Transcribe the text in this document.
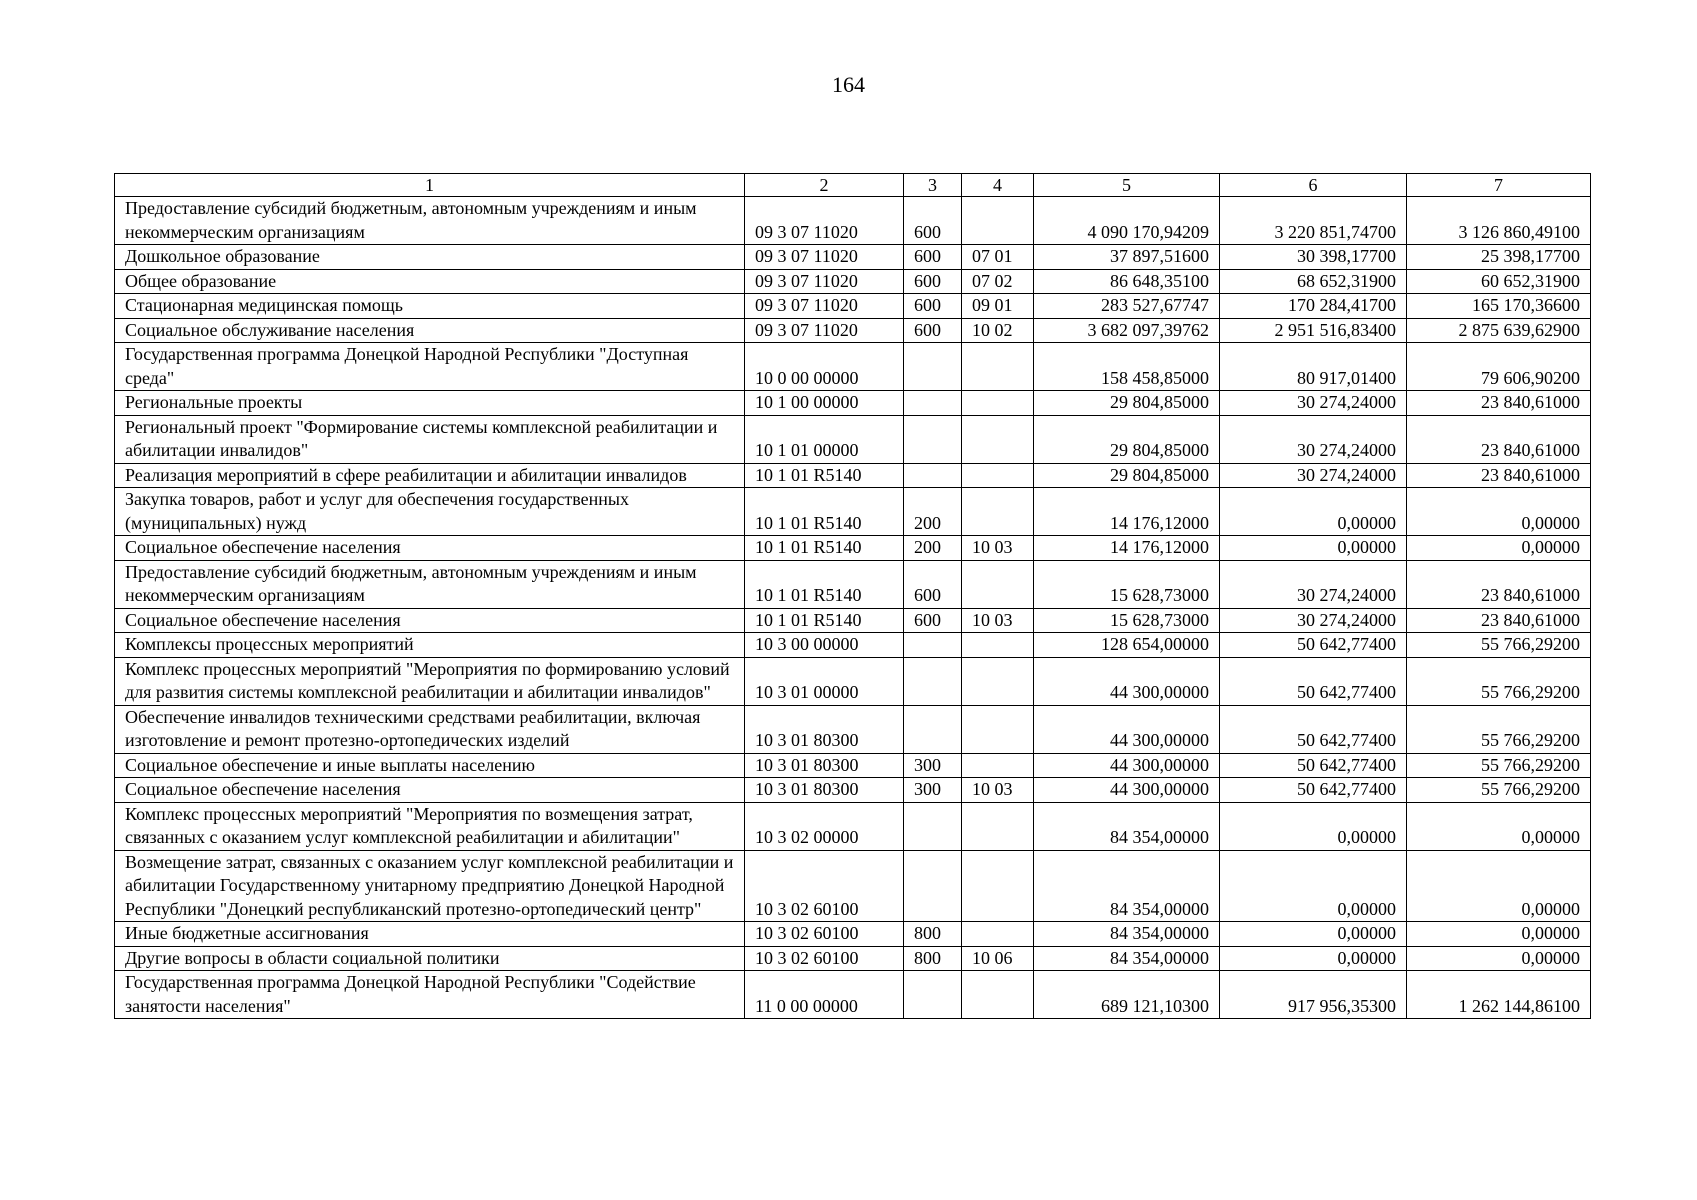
164
1	2	3	4	5	6	7
Предоставление субсидий бюджетным, автономным учреждениям и иным некоммерческим организациям	09 3 07 11020	600		4 090 170,94209	3 220 851,74700	3 126 860,49100
Дошкольное образование	09 3 07 11020	600	07 01	37 897,51600	30 398,17700	25 398,17700
Общее образование	09 3 07 11020	600	07 02	86 648,35100	68 652,31900	60 652,31900
Стационарная медицинская помощь	09 3 07 11020	600	09 01	283 527,67747	170 284,41700	165 170,36600
Социальное обслуживание населения	09 3 07 11020	600	10 02	3 682 097,39762	2 951 516,83400	2 875 639,62900
Государственная программа Донецкой Народной Республики "Доступная среда"	10 0 00 00000			158 458,85000	80 917,01400	79 606,90200
Региональные проекты	10 1 00 00000			29 804,85000	30 274,24000	23 840,61000
Региональный проект "Формирование системы комплексной реабилитации и абилитации инвалидов"	10 1 01 00000			29 804,85000	30 274,24000	23 840,61000
Реализация мероприятий в сфере реабилитации и абилитации инвалидов	10 1 01 R5140			29 804,85000	30 274,24000	23 840,61000
Закупка товаров, работ и услуг для обеспечения государственных (муниципальных) нужд	10 1 01 R5140	200		14 176,12000	0,00000	0,00000
Социальное обеспечение населения	10 1 01 R5140	200	10 03	14 176,12000	0,00000	0,00000
Предоставление субсидий бюджетным, автономным учреждениям и иным некоммерческим организациям	10 1 01 R5140	600		15 628,73000	30 274,24000	23 840,61000
Социальное обеспечение населения	10 1 01 R5140	600	10 03	15 628,73000	30 274,24000	23 840,61000
Комплексы процессных мероприятий	10 3 00 00000			128 654,00000	50 642,77400	55 766,29200
Комплекс процессных мероприятий "Мероприятия по формированию условий для развития системы комплексной реабилитации и абилитации инвалидов"	10 3 01 00000			44 300,00000	50 642,77400	55 766,29200
Обеспечение инвалидов техническими средствами реабилитации, включая изготовление и ремонт протезно-ортопедических изделий	10 3 01 80300			44 300,00000	50 642,77400	55 766,29200
Социальное обеспечение и иные выплаты населению	10 3 01 80300	300		44 300,00000	50 642,77400	55 766,29200
Социальное обеспечение населения	10 3 01 80300	300	10 03	44 300,00000	50 642,77400	55 766,29200
Комплекс процессных мероприятий "Мероприятия по возмещения затрат, связанных с оказанием услуг комплексной реабилитации и абилитации"	10 3 02 00000			84 354,00000	0,00000	0,00000
Возмещение затрат, связанных с оказанием услуг комплексной реабилитации и абилитации Государственному унитарному предприятию Донецкой Народной Республики "Донецкий республиканский протезно-ортопедический центр"	10 3 02 60100			84 354,00000	0,00000	0,00000
Иные бюджетные ассигнования	10 3 02 60100	800		84 354,00000	0,00000	0,00000
Другие вопросы в области социальной политики	10 3 02 60100	800	10 06	84 354,00000	0,00000	0,00000
Государственная программа Донецкой Народной Республики "Содействие занятости населения"	11 0 00 00000			689 121,10300	917 956,35300	1 262 144,86100
